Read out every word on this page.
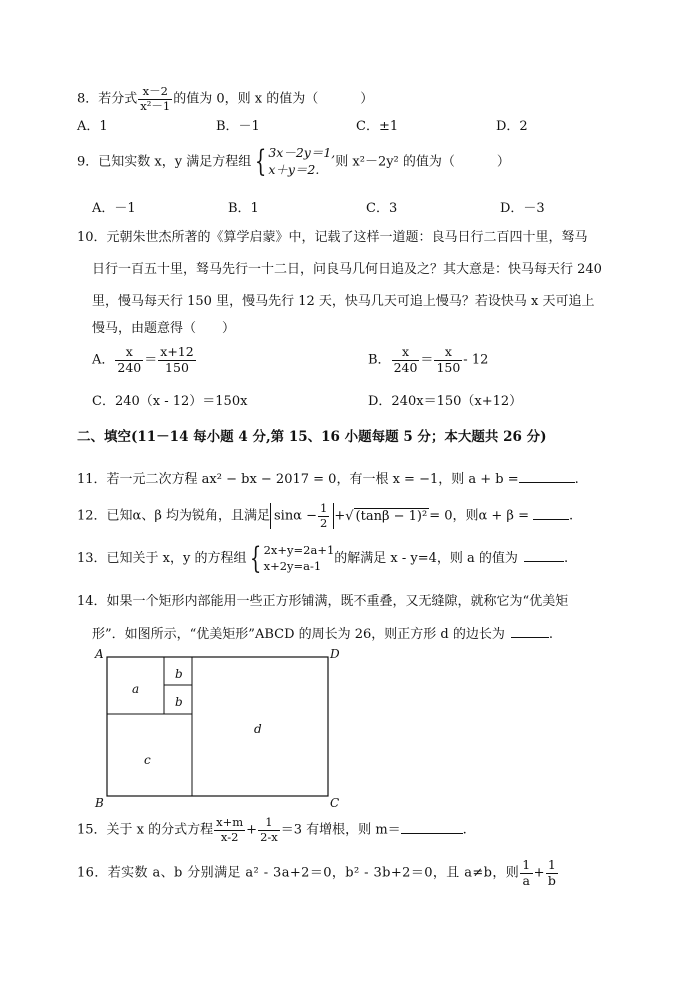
8．若分式 $\frac{x-2}{\text{x²－1}}$ 的值为 0，则 x 的值为（	）
A．1	B．－1	C．±1	D．2
9．已知实数 x，y 满足方程组 { 3x－2y＝1,
x＋y＝2.	则 x²－2y² 的值为（	）
A．－1	B．1	C．3	D．－3
10．元朝朱世杰所著的《算学启蒙》中，记载了这样一道题：良马日行二百四十里，驽马
日行一百五十里，驽马先行一十二日，问良马几何日追及之？其大意是：快马每天行 240
里，慢马每天行 150 里，慢马先行 12 天，快马几天可追上慢马？若设快马 x 天可追上
慢马，由题意得（　　）
A． $\frac{x}{240} = \frac{x+12}{150}$	B． $\frac{x}{240} = \frac{x}{150} - 12$
C．240（x - 12）＝150x	D．240x＝150（x+12）
二、填空(11－14 每小题 4 分,第 15、16 小题每题 5 分；本大题共 26 分)
11．若一元二次方程 ax² − bx − 2017 = 0，有一根 x = −1，则 a + b =	.
12．已知α、β 均为锐角，且满足 $\sin\alpha - \frac{1}{2}$ +√ (tanβ − 1)² = 0，则α + β =	.
13．已知关于 x，y 的方程组 { 2x+y=2a+1
x+2y=a-1	的解满足 x - y=4，则 a 的值为	.
14．如果一个矩形内部能用一些正方形铺满，既不重叠，又无缝隙，就称它为“优美矩
形”．如图所示，“优美矩形”ABCD 的周长为 26，则正方形 d 的边长为	.
A	D
B	C
a
b
b
c
d
15．关于 x 的分式方程 $\frac{x+m}{x-2} + \frac{1}{2-x} =3$ 有增根，则 m＝	.
16．若实数 a、b 分别满足 a² - 3a+2＝0，b² - 3b+2＝0，且 a≠b，则 $\frac{1}{a} + \frac{1}{b}$
